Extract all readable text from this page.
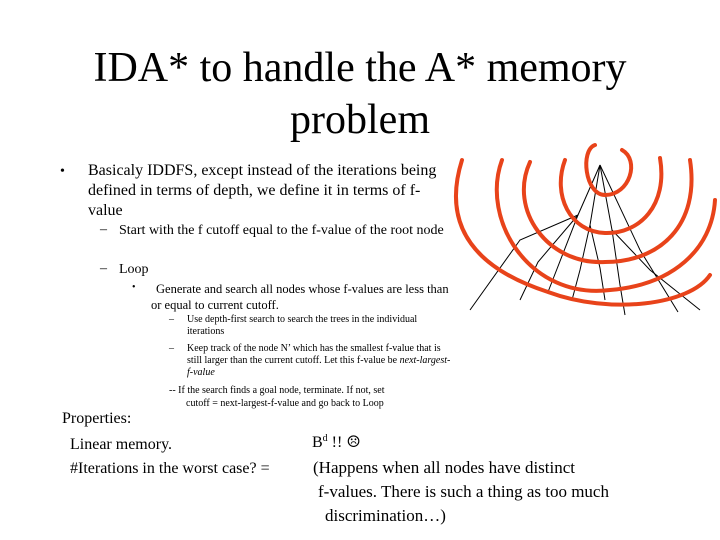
IDA* to handle the A* memory problem
• Basicaly IDDFS, except instead of the iterations being defined in terms of depth, we define it in terms of f-value
– Start with the f cutoff equal to the f-value of the root node
– Loop
•	Generate and search all nodes whose f-values are less than or equal to current cutoff.
– Use depth-first search to search the trees in the individual iterations
– Keep track of the node N’ which has the smallest f-value that is still larger than the current cutoff. Let this f-value be next-largest-f-value
-- If the search finds a goal node, terminate. If not, set
cutoff = next-largest-f-value and go back to Loop
Properties:
Linear memory.
#Iterations in the worst case? =
$B^d$ !! ☹
(Happens when all nodes have distinct
f-values. There is such a thing as too much
discrimination…)
